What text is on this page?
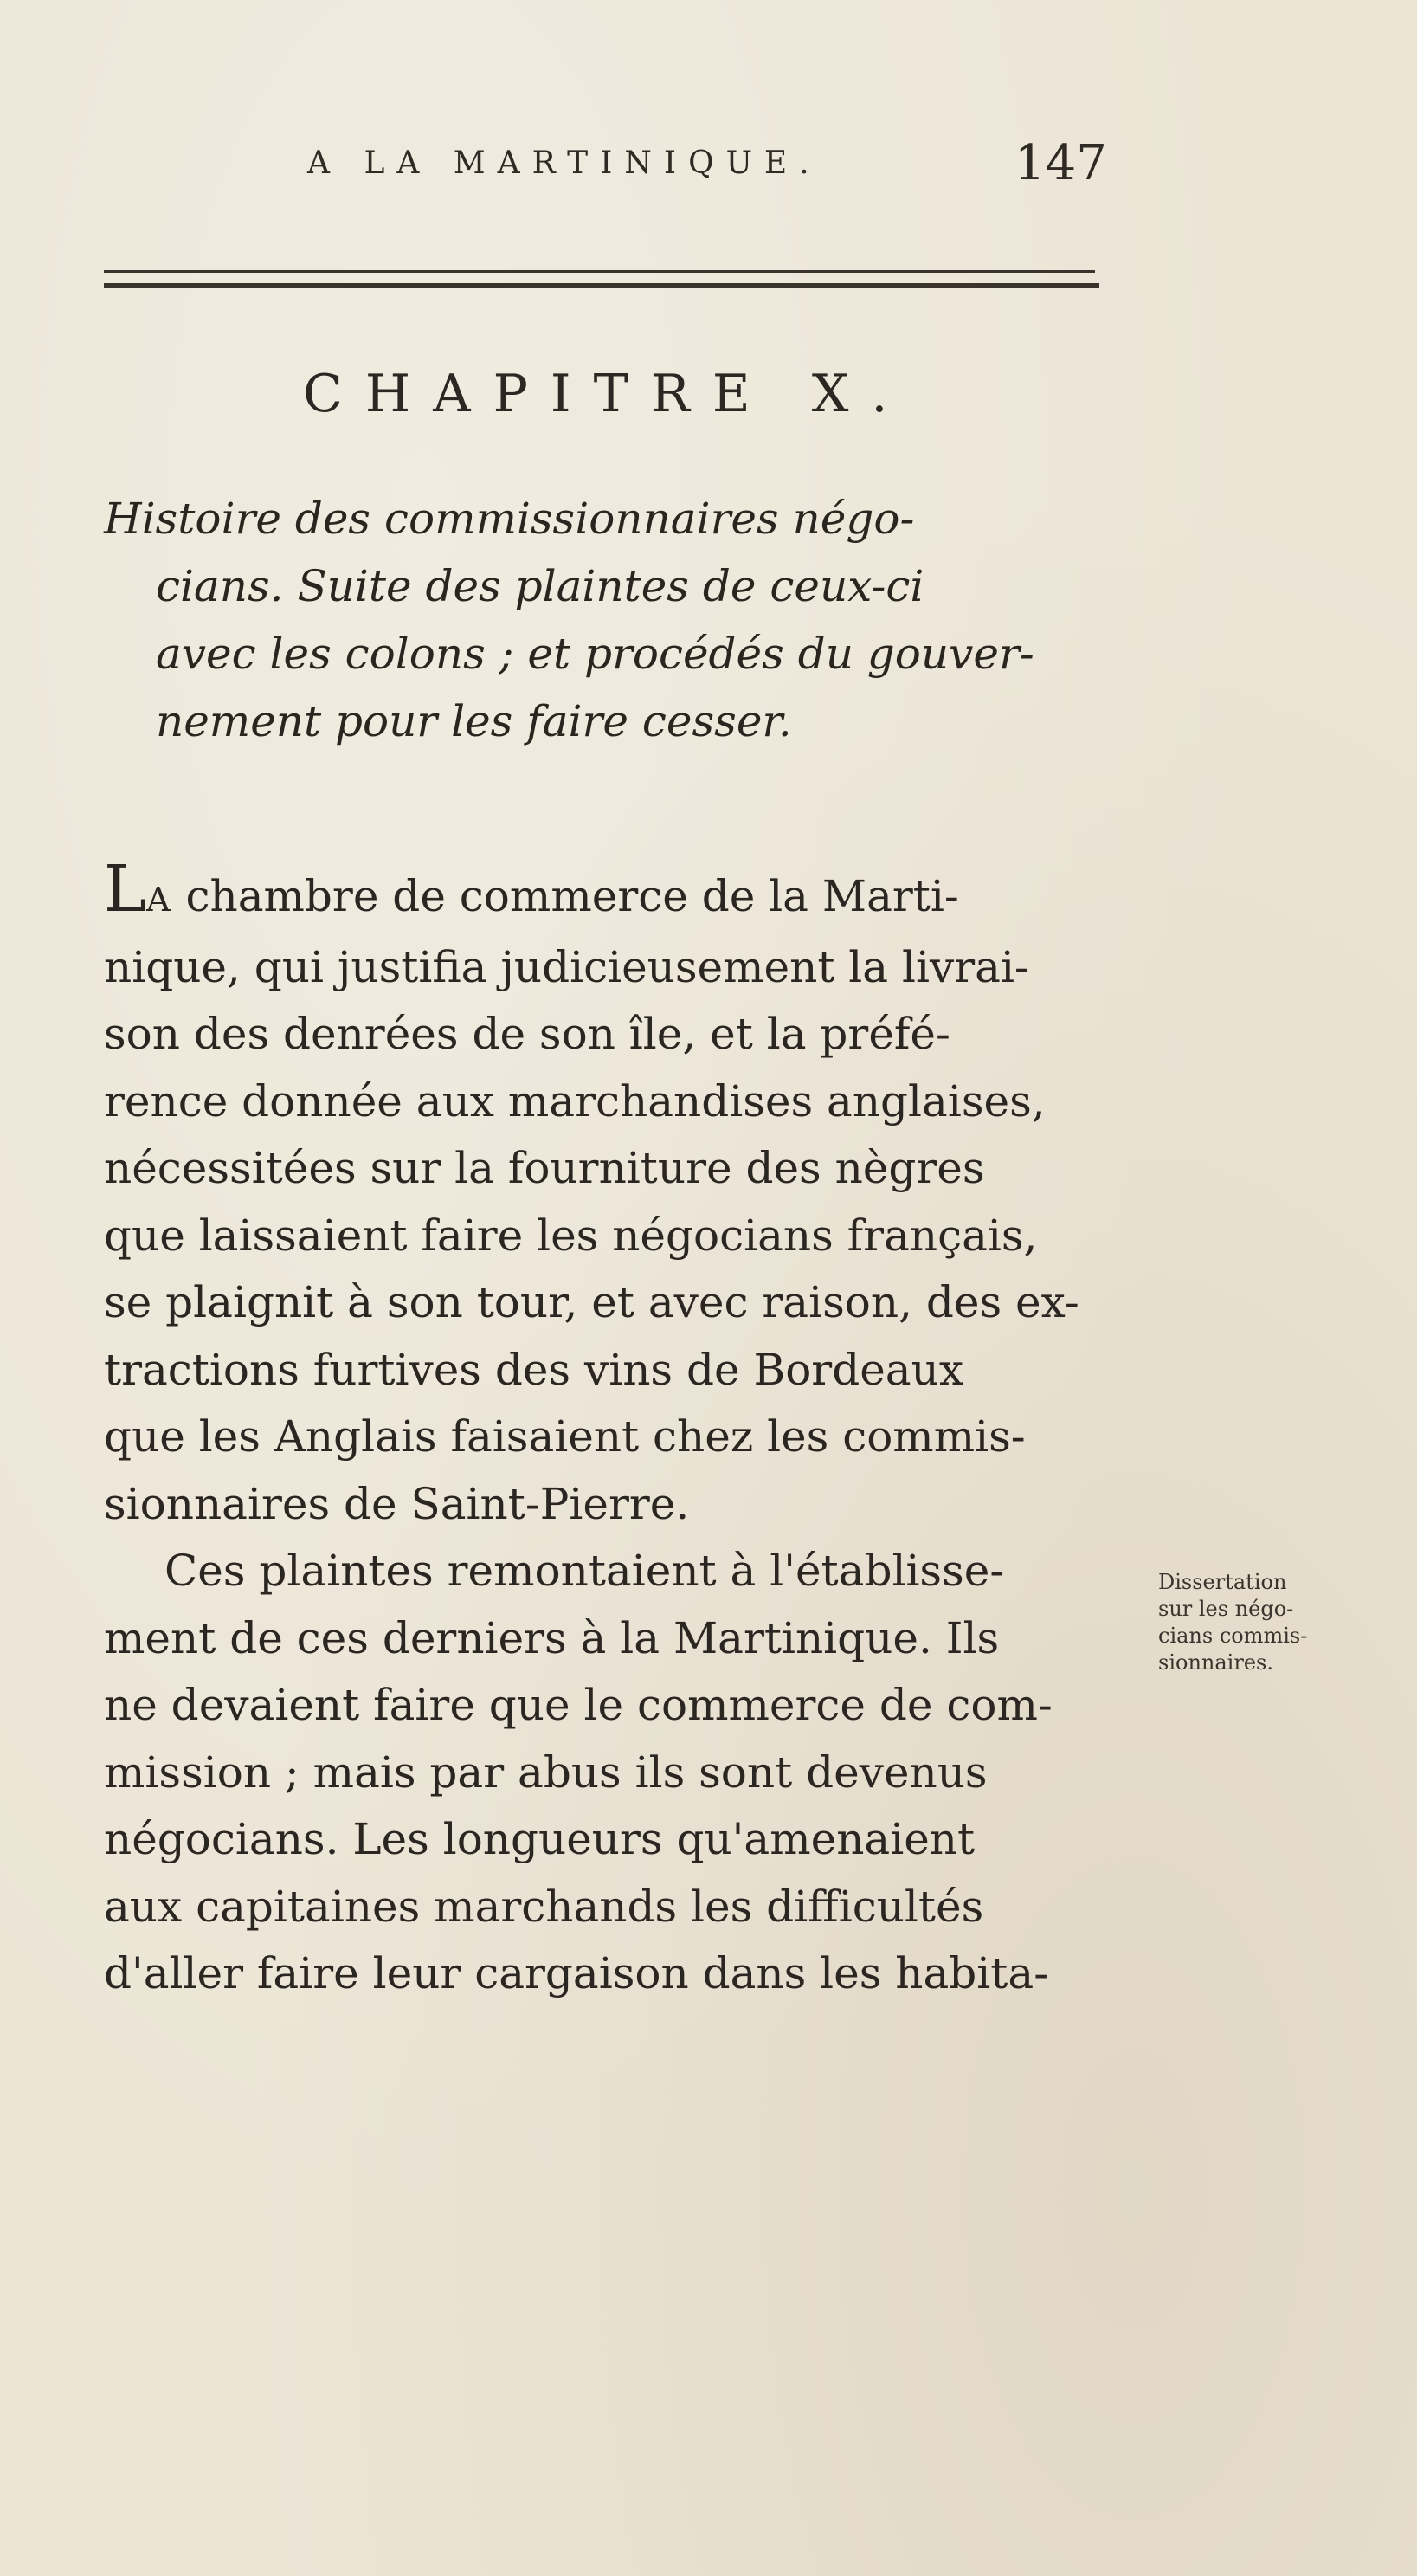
A LA MARTINIQUE.	147
CHAPITRE X.
Histoire des commissionnaires négo-
cians. Suite des plaintes de ceux-ci
avec les colons ; et procédés du gouver-
nement pour les faire cesser.
LA chambre de commerce de la Marti-
nique, qui justifia judicieusement la livrai-
son des denrées de son île, et la préfé-
rence donnée aux marchandises anglaises,
nécessitées sur la fourniture des nègres
que laissaient faire les négocians français,
se plaignit à son tour, et avec raison, des ex-
tractions furtives des vins de Bordeaux
que les Anglais faisaient chez les commis-
sionnaires de Saint-Pierre.
Ces plaintes remontaient à l'établisse-
ment de ces derniers à la Martinique. Ils
ne devaient faire que le commerce de com-
mission ; mais par abus ils sont devenus
négocians. Les longueurs qu'amenaient
aux capitaines marchands les difficultés
d'aller faire leur cargaison dans les habita-
Dissertation
sur les négo-
cians commis-
sionnaires.
